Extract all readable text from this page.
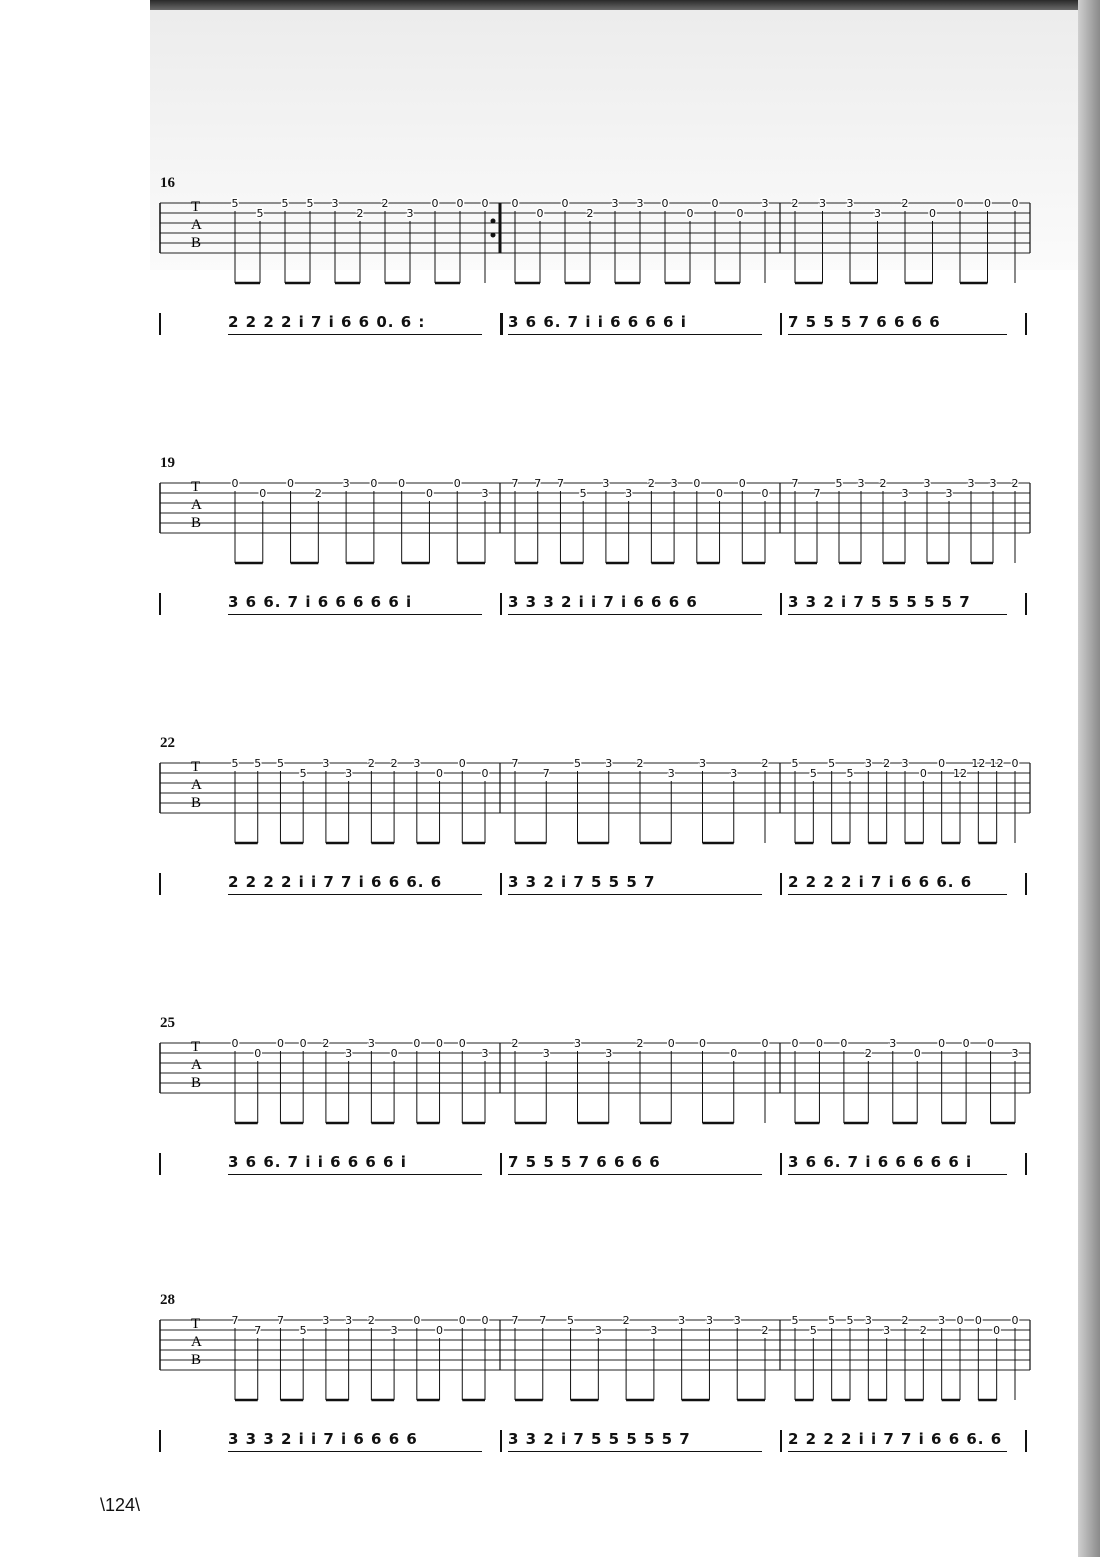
16
T
A
B
5
5
5 5 3
2
2
3
0 0 0 0
0
0
2
3 3 0
0
0
0
3 2 3 3
3
2
0
0 0 0
2 2 2 2 i 7 i 6 6 0. 6 :	3 6 6. 7 i i 6 6 6 6 i	7 5 5 5 7 6 6 6 6
19
T
A
B
0
0
0
2
3 0 0
0
0
3
7 7 7
5
3
3
2 3 0
0
0
0
7
7
5 3 2
3
3
3
3 3 2
3 6 6. 7 i 6 6 6 6 6 i	3 3 3 2 i i 7 i 6 6 6 6	3 3 2 i 7 5 5 5 5 5 7
22
T
A
B
5 5 5
5
3
3
2 2 3
0
0
0
7
7
5 3 2
3
3
3
2 5
5
5
5
3 2 3
0
0
12
12 12 0
2 2 2 2 i i 7 7 i 6 6 6. 6	3 3 2 i 7 5 5 5 7	2 2 2 2 i 7 i 6 6 6. 6
25
T
A
B
0
0
0 0 2
3
3
0
0 0 0
3
2
3
3
3
2 0 0
0
0 0 0 0
2
3
0
0 0 0
3
3 6 6. 7 i i 6 6 6 6 i	7 5 5 5 7 6 6 6 6	3 6 6. 7 i 6 6 6 6 6 i
28
T
A
B
7
7
7
5
3 3 2
3
0
0
0 0 7 7 5
3
2
3
3 3 3
2
5
5
5 5 3
3
2
2
3 0 0
0
0
3 3 3 2 i i 7 i 6 6 6 6	3 3 2 i 7 5 5 5 5 5 7	2 2 2 2 i i 7 7 i 6 6 6. 6
\124\
